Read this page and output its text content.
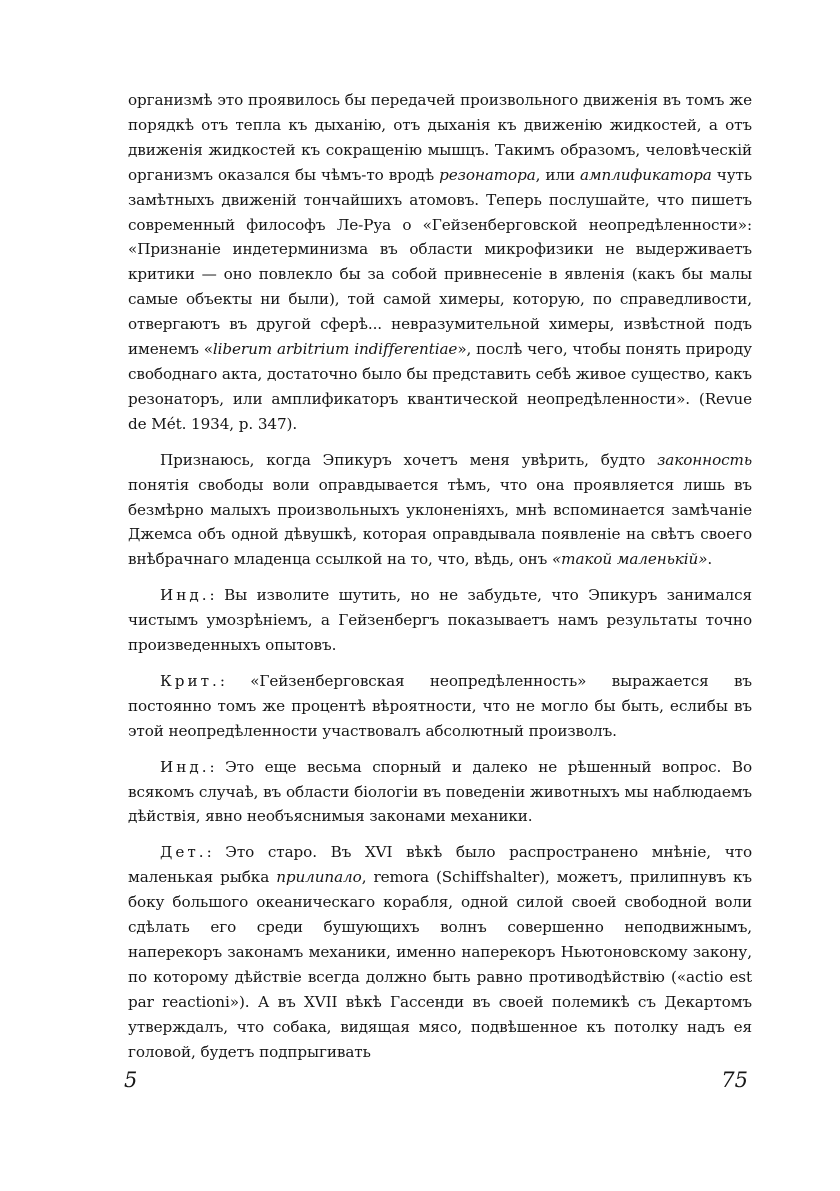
организмѣ это проявилось бы передачей произвольного движенія въ томъ же порядкѣ отъ тепла къ дыханію, отъ дыханія къ движенію жидкостей, а отъ движенія жидкостей къ сокращенію мышцъ. Такимъ образомъ, человѣческій организмъ оказался бы чѣмъ-то вродѣ резонатора, или амплификатора чуть замѣтныхъ движеній тончайшихъ атомовъ. Теперь послушайте, что пишетъ современный философъ Ле-Руа о «Гейзенберговской неопредѣленности»: «Признаніе индетерминизма въ области микрофизики не выдерживаетъ критики — оно повлекло бы за собой привнесеніе в явленія (какъ бы малы самые объекты ни были), той самой химеры, которую, по справедливости, отвергаютъ въ другой сферѣ... невразумительной химеры, извѣстной подъ именемъ «liberum arbitrium indifferentiae», послѣ чего, чтобы понять природу свободнаго акта, достаточно было бы представить себѣ живое существо, какъ резонаторъ, или амплификаторъ квантической неопредѣленности». (Revue de Mét. 1934, p. 347).

Признаюсь, когда Эпикуръ хочетъ меня увѣрить, будто законность понятія свободы воли оправдывается тѣмъ, что она проявляется лишь въ безмѣрно малыхъ произвольныхъ уклоненіяхъ, мнѣ вспоминается замѣчаніе Джемса объ одной дѣвушкѣ, которая оправдывала появленіе на свѣтъ своего внѣбрачнаго младенца ссылкой на то, что, вѣдь, онъ «такой маленькій».

Инд.: Вы изволите шутить, но не забудьте, что Эпикуръ занимался чистымъ умозрѣніемъ, а Гейзенбергъ показываетъ намъ результаты точно произведенныхъ опытовъ.

Крит.: «Гейзенберговская неопредѣленность» выражается въ постоянно томъ же процентѣ вѣроятности, что не могло бы быть, еслибы въ этой неопредѣленности участвовалъ абсолютный произволъ.

Инд.: Это еще весьма спорный и далеко не рѣшенный вопрос. Во всякомъ случаѣ, въ области біологіи въ поведеніи животныхъ мы наблюдаемъ дѣйствія, явно необъяснимыя законами механики.

Дет.: Это старо. Въ XVI вѣкѣ было распространено мнѣніе, что маленькая рыбка прилипало, remora (Schiffshalter), можетъ, прилипнувъ къ боку большого океаническаго корабля, одной силой своей свободной воли сдѣлать его среди бушующихъ волнъ совершенно неподвижнымъ, наперекоръ законамъ механики, именно наперекоръ Ньютоновскому закону, по которому дѣйствіе всегда должно быть равно противодѣйствію («actio est par reactioni»). А въ XVII вѣкѣ Гассенди въ своей полемикѣ съ Декартомъ утверждалъ, что собака, видящая мясо, подвѣшенное къ потолку надъ ея головой, будетъ подпрыгивать

5	75
